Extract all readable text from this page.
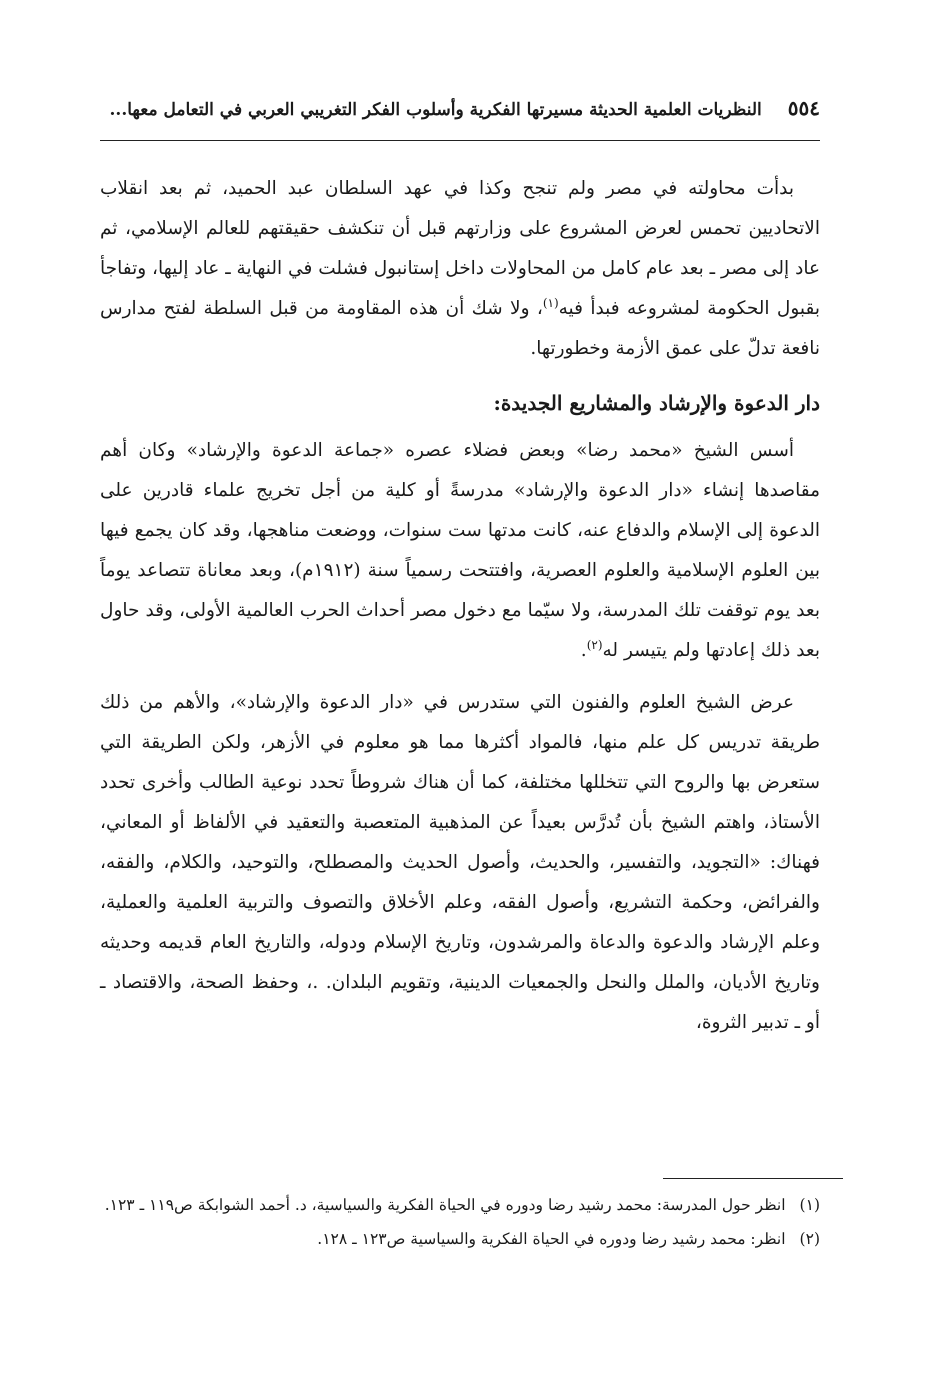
٥٥٤
النظريات العلمية الحديثة مسيرتها الفكرية وأسلوب الفكر التغريبي العربي في التعامل معها...

بدأت محاولته في مصر ولم تنجح وكذا في عهد السلطان عبد الحميد، ثم بعد انقلاب الاتحاديين تحمس لعرض المشروع على وزارتهم قبل أن تنكشف حقيقتهم للعالم الإسلامي، ثم عاد إلى مصر ـ بعد عام كامل من المحاولات داخل إستانبول فشلت في النهاية ـ عاد إليها، وتفاجأ بقبول الحكومة لمشروعه فبدأ فيه$^{(١)}$، ولا شك أن هذه المقاومة من قبل السلطة لفتح مدارس نافعة تدلّ على عمق الأزمة وخطورتها.

دار الدعوة والإرشاد والمشاريع الجديدة:

أسس الشيخ «محمد رضا» وبعض فضلاء عصره «جماعة الدعوة والإرشاد» وكان أهم مقاصدها إنشاء «دار الدعوة والإرشاد» مدرسةً أو كلية من أجل تخريج علماء قادرين على الدعوة إلى الإسلام والدفاع عنه، كانت مدتها ست سنوات، ووضعت مناهجها، وقد كان يجمع فيها بين العلوم الإسلامية والعلوم العصرية، وافتتحت رسمياً سنة (١٩١٢م)، وبعد معاناة تتصاعد يوماً بعد يوم توقفت تلك المدرسة، ولا سيّما مع دخول مصر أحداث الحرب العالمية الأولى، وقد حاول بعد ذلك إعادتها ولم يتيسر له$^{(٢)}$.

عرض الشيخ العلوم والفنون التي ستدرس في «دار الدعوة والإرشاد»، والأهم من ذلك طريقة تدريس كل علم منها، فالمواد أكثرها مما هو معلوم في الأزهر، ولكن الطريقة التي ستعرض بها والروح التي تتخللها مختلفة، كما أن هناك شروطاً تحدد نوعية الطالب وأخرى تحدد الأستاذ، واهتم الشيخ بأن تُدرَّس بعيداً عن المذهبية المتعصبة والتعقيد في الألفاظ أو المعاني، فهناك: «التجويد، والتفسير، والحديث، وأصول الحديث والمصطلح، والتوحيد، والكلام، والفقه، والفرائض، وحكمة التشريع، وأصول الفقه، وعلم الأخلاق والتصوف والتربية العلمية والعملية، وعلم الإرشاد والدعوة والدعاة والمرشدون، وتاريخ الإسلام ودوله، والتاريخ العام قديمه وحديثه وتاريخ الأديان، والملل والنحل والجمعيات الدينية، وتقويم البلدان. .، وحفظ الصحة، والاقتصاد ـ أو ـ تدبير الثروة،

(١)
انظر حول المدرسة: محمد رشيد رضا ودوره في الحياة الفكرية والسياسية، د. أحمد الشوابكة ص١١٩ ـ ١٢٣.
(٢)
انظر: محمد رشيد رضا ودوره في الحياة الفكرية والسياسية ص١٢٣ ـ ١٢٨.
